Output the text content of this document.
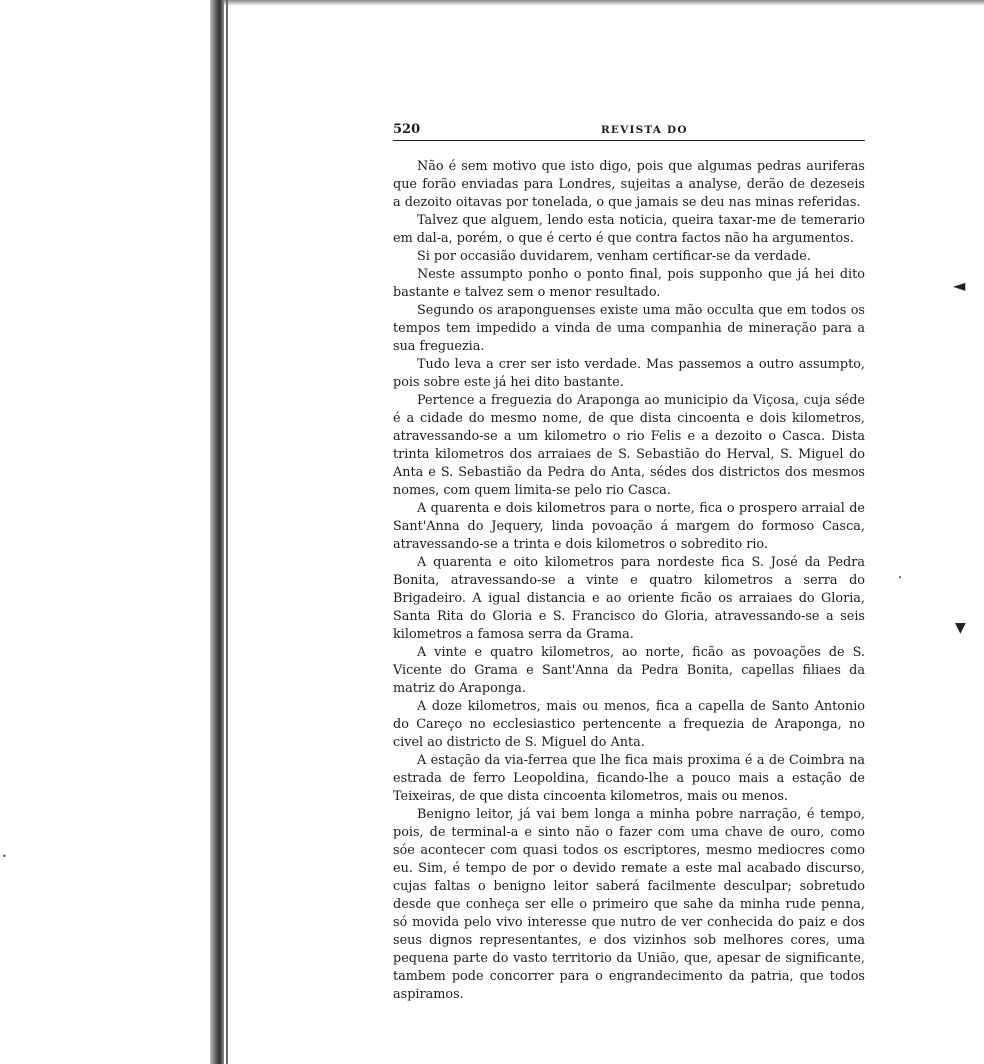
520	REVISTA DO

Não é sem motivo que isto digo, pois que algumas pedras auriferas que forão enviadas para Londres, sujeitas a analyse, derão de dezeseis a dezoito oitavas por tonelada, o que jamais se deu nas minas referidas.

Talvez que alguem, lendo esta noticia, queira taxar-me de temerario em dal-a, porém, o que é certo é que contra factos não ha argumentos.

Si por occasião duvidarem, venham certificar-se da verdade.

Neste assumpto ponho o ponto final, pois supponho que já hei dito bastante e talvez sem o menor resultado.

Segundo os araponguenses existe uma mão occulta que em todos os tempos tem impedido a vinda de uma companhia de mineração para a sua freguezia.

Tudo leva a crer ser isto verdade. Mas passemos a outro assumpto, pois sobre este já hei dito bastante.

Pertence a freguezia do Araponga ao municipio da Viçosa, cuja séde é a cidade do mesmo nome, de que dista cincoenta e dois kilometros, atravessando-se a um kilometro o rio Felis e a dezoito o Casca. Dista trinta kilometros dos arraiaes de S. Sebastião do Herval, S. Miguel do Anta e S. Sebastião da Pedra do Anta, sédes dos districtos dos mesmos nomes, com quem limita-se pelo rio Casca.

A quarenta e dois kilometros para o norte, fica o prospero arraial de Sant'Anna do Jequery, linda povoação á margem do formoso Casca, atravessando-se a trinta e dois kilometros o sobredito rio.

A quarenta e oito kilometros para nordeste fica S. José da Pedra Bonita, atravessando-se a vinte e quatro kilometros a serra do Brigadeiro. A igual distancia e ao oriente ficão os arraiaes do Gloria, Santa Rita do Gloria e S. Francisco do Gloria, atravessando-se a seis kilometros a famosa serra da Grama.

A vinte e quatro kilometros, ao norte, ficão as povoações de S. Vicente do Grama e Sant'Anna da Pedra Bonita, capellas filiaes da matriz do Araponga.

A doze kilometros, mais ou menos, fica a capella de Santo Antonio do Careço no ecclesiastico pertencente a frequezia de Araponga, no civel ao districto de S. Miguel do Anta.

A estação da via-ferrea que lhe fica mais proxima é a de Coimbra na estrada de ferro Leopoldina, ficando-lhe a pouco mais a estação de Teixeiras, de que dista cincoenta kilometros, mais ou menos.

Benigno leitor, já vai bem longa a minha pobre narração, é tempo, pois, de terminal-a e sinto não o fazer com uma chave de ouro, como sóe acontecer com quasi todos os escriptores, mesmo mediocres como eu. Sim, é tempo de por o devido remate a este mal acabado discurso, cujas faltas o benigno leitor saberá facilmente desculpar; sobretudo desde que conheça ser elle o primeiro que sahe da minha rude penna, só movida pelo vivo interesse que nutro de ver conhecida do paiz e dos seus dignos representantes, e dos vizinhos sob melhores cores, uma pequena parte do vasto territorio da União, que, apesar de significante, tambem pode concorrer para o engrandecimento da patria, que todos aspiramos.

◄
▼
•
•
